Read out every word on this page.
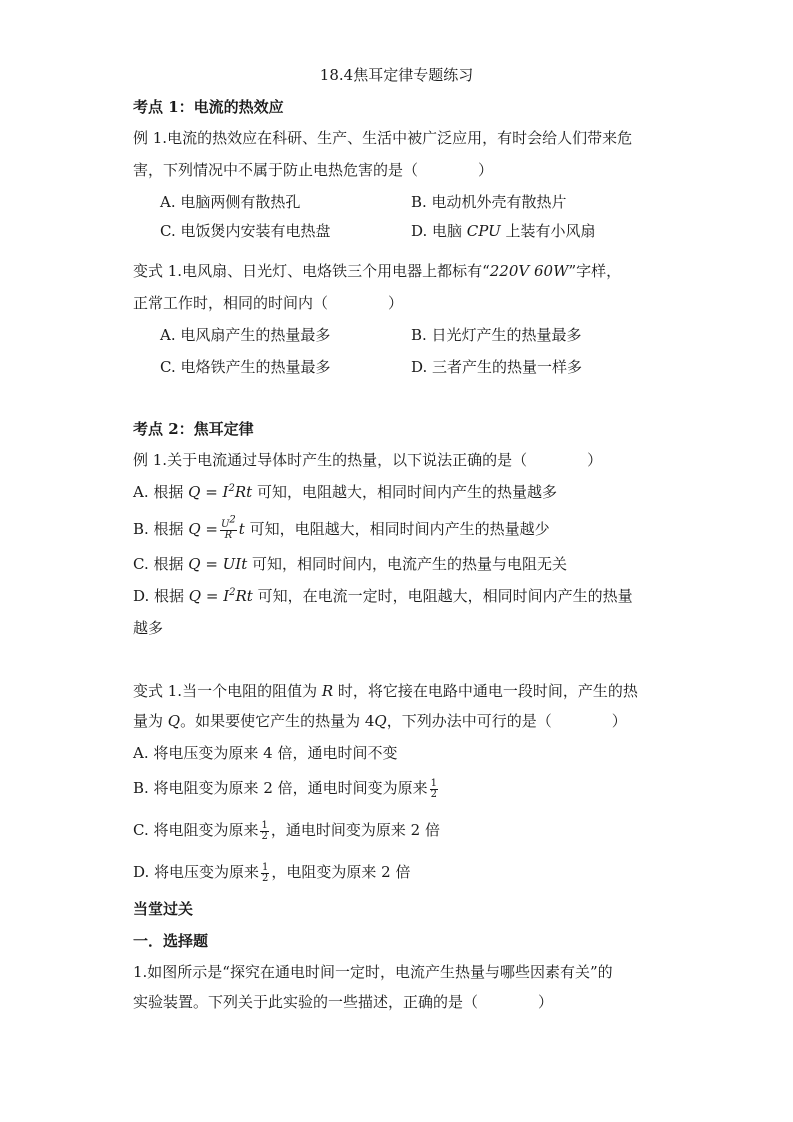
18.4焦耳定律专题练习
考点 1：电流的热效应
例 1.电流的热效应在科研、生产、生活中被广泛应用，有时会给人们带来危
害，下列情况中不属于防止电热危害的是（　　　　）
A. 电脑两侧有散热孔	B. 电动机外壳有散热片
C. 电饭煲内安装有电热盘	D. 电脑 CPU 上装有小风扇
变式 1.电风扇、日光灯、电烙铁三个用电器上都标有“220V 60W”字样，
正常工作时，相同的时间内（　　　　）
A. 电风扇产生的热量最多	B. 日光灯产生的热量最多
C. 电烙铁产生的热量最多	D. 三者产生的热量一样多
考点 2：焦耳定律
例 1.关于电流通过导体时产生的热量，以下说法正确的是（　　　　）
A. 根据 $Q = I^2Rt$ 可知，电阻越大，相同时间内产生的热量越多
B. 根据 $Q = \frac{U^2}{R}$ t 可知，电阻越大，相同时间内产生的热量越少
C. 根据 Q = UIt 可知，相同时间内，电流产生的热量与电阻无关
D. 根据 $Q = I^2Rt$ 可知，在电流一定时，电阻越大，相同时间内产生的热量
越多
变式 1.当一个电阻的阻值为 R 时，将它接在电路中通电一段时间，产生的热
量为 Q。如果要使它产生的热量为 4Q，下列办法中可行的是（　　　　）
A. 将电压变为原来 4 倍，通电时间不变
B. 将电阻变为原来 2 倍，通电时间变为原来 $\frac{1}{2}$
C. 将电阻变为原来 $\frac{1}{2}$ ，通电时间变为原来 2 倍
D. 将电压变为原来 $\frac{1}{2}$ ，电阻变为原来 2 倍
当堂过关
一．选择题
1.如图所示是“探究在通电时间一定时，电流产生热量与哪些因素有关”的
实验装置。下列关于此实验的一些描述，正确的是（　　　　）
